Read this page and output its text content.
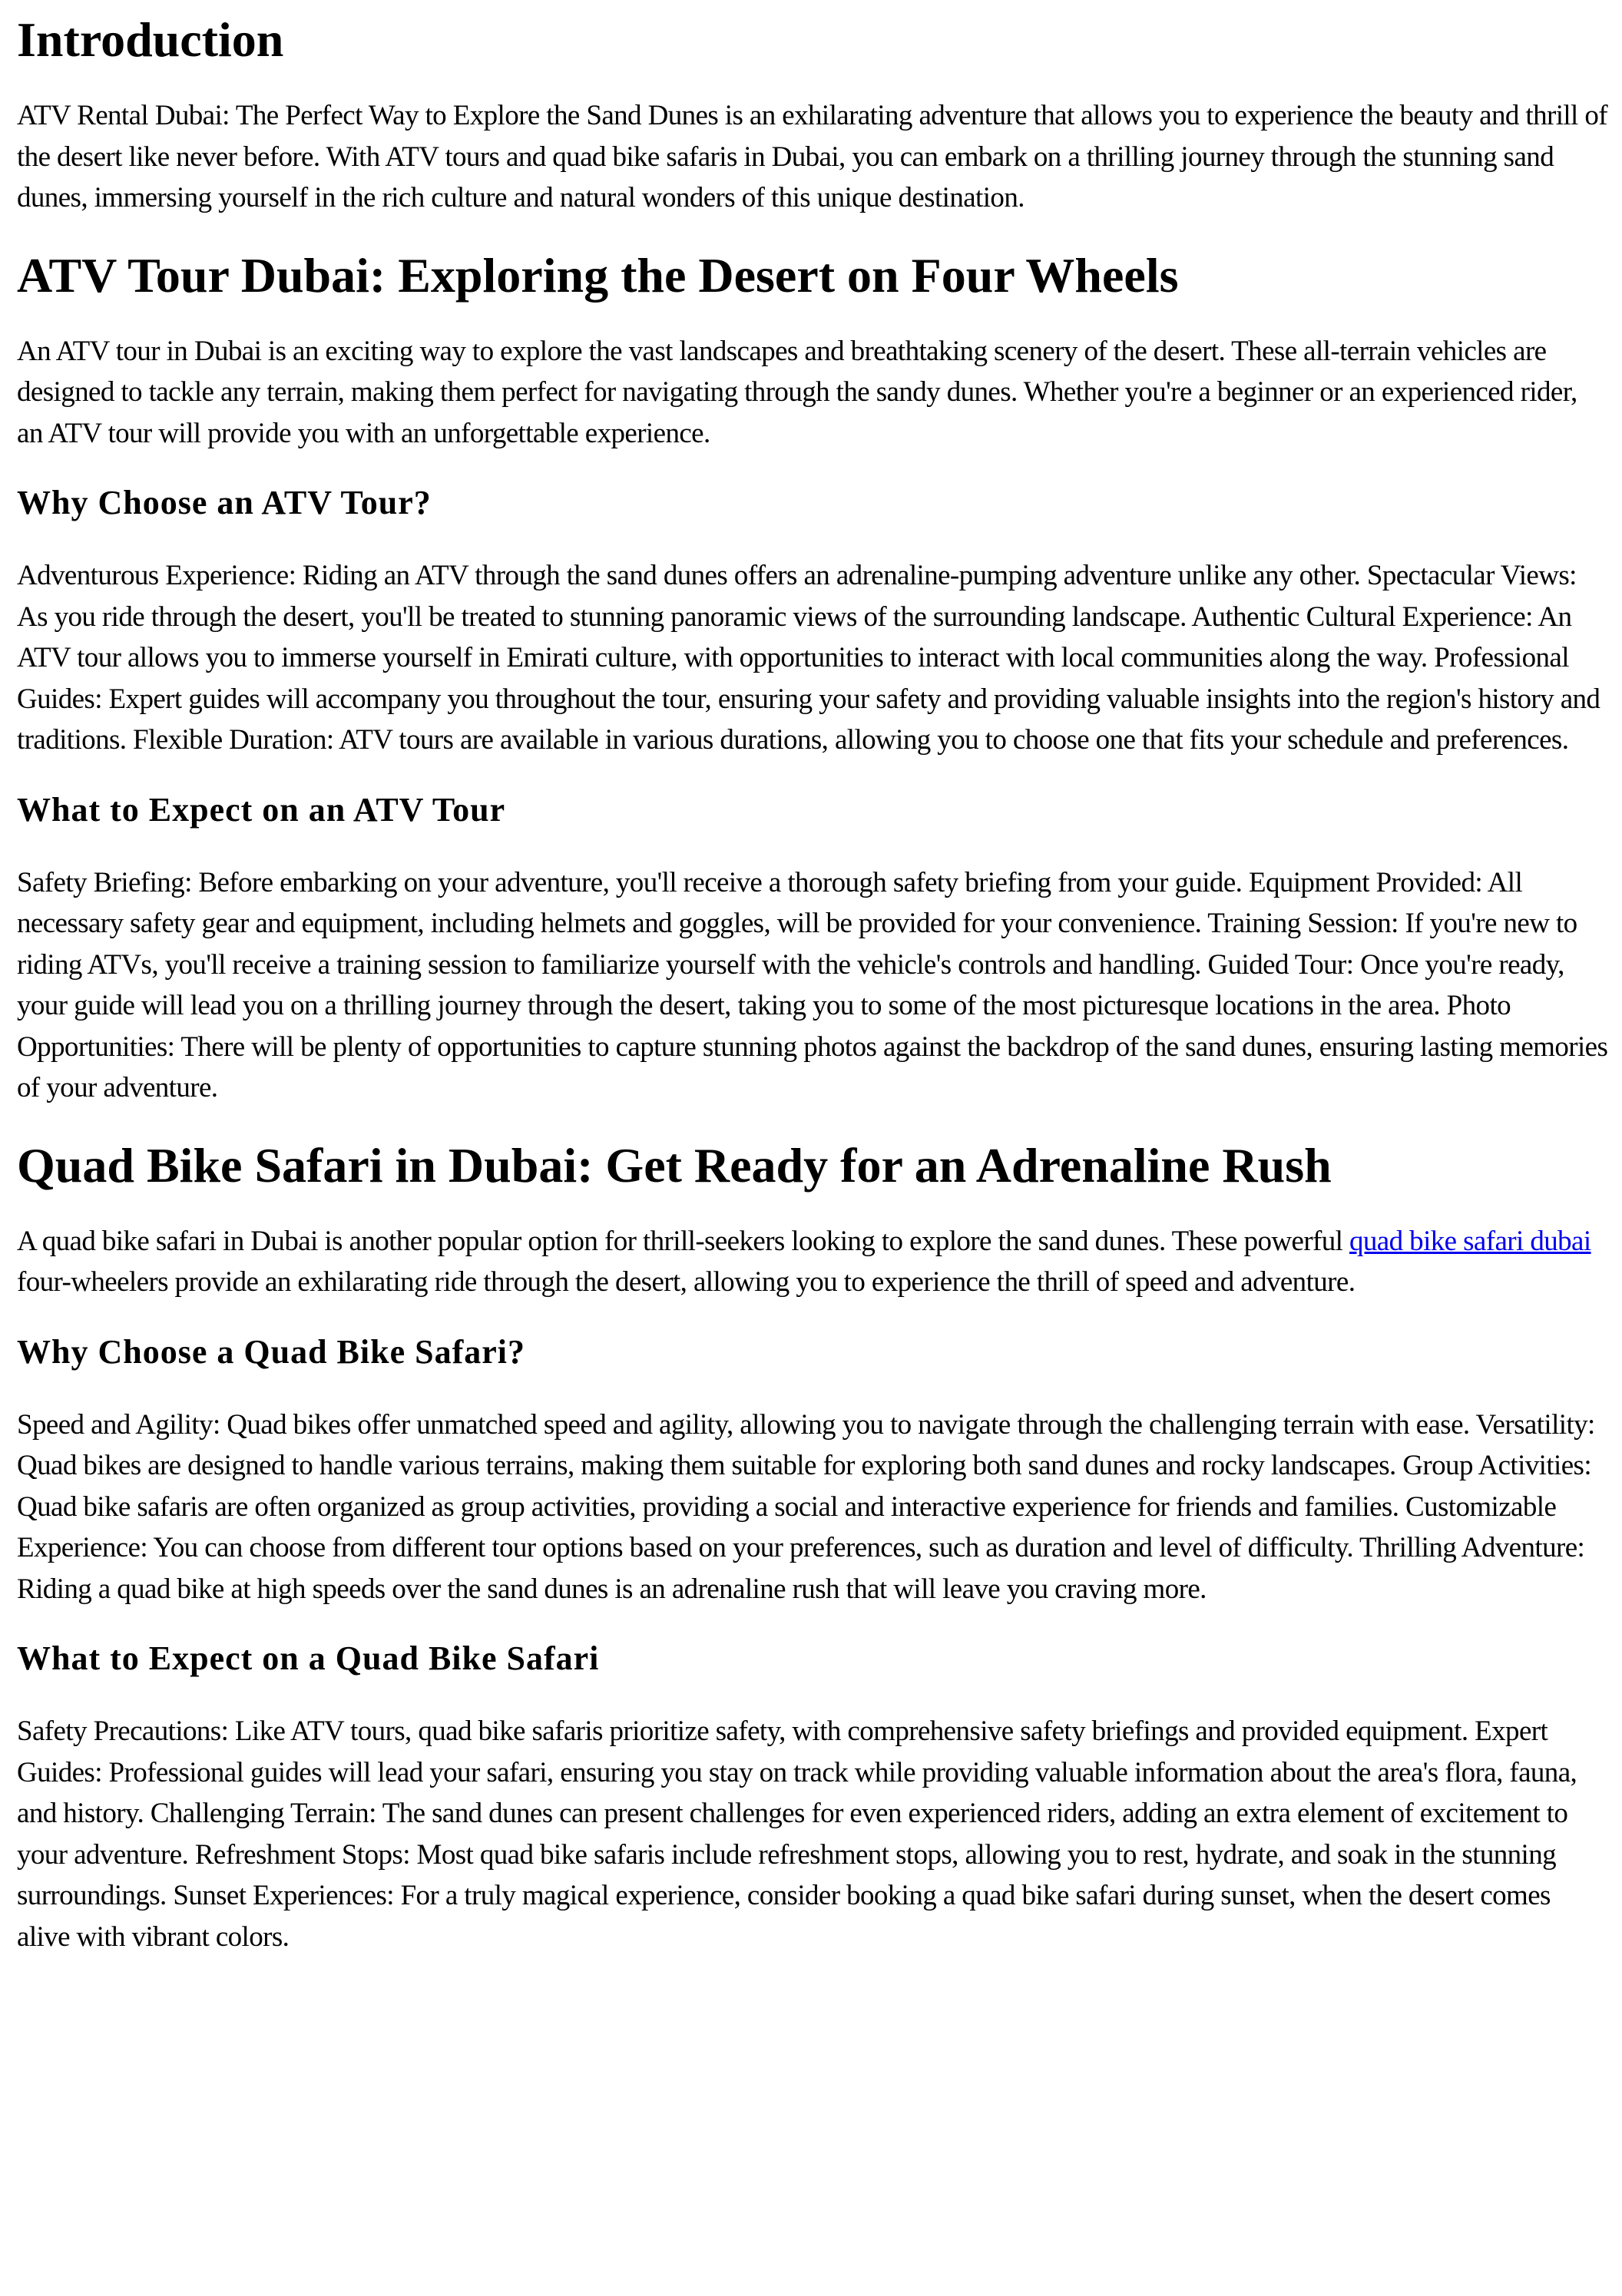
Introduction

ATV Rental Dubai: The Perfect Way to Explore the Sand Dunes is an exhilarating adventure that allows you to experience the beauty and thrill of the desert like never before. With ATV tours and quad bike safaris in Dubai, you can embark on a thrilling journey through the stunning sand dunes, immersing yourself in the rich culture and natural wonders of this unique destination.

ATV Tour Dubai: Exploring the Desert on Four Wheels

An ATV tour in Dubai is an exciting way to explore the vast landscapes and breathtaking scenery of the desert. These all-terrain vehicles are designed to tackle any terrain, making them perfect for navigating through the sandy dunes. Whether you're a beginner or an experienced rider, an ATV tour will provide you with an unforgettable experience.

Why Choose an ATV Tour?

Adventurous Experience: Riding an ATV through the sand dunes offers an adrenaline-pumping adventure unlike any other. Spectacular Views: As you ride through the desert, you'll be treated to stunning panoramic views of the surrounding landscape. Authentic Cultural Experience: An ATV tour allows you to immerse yourself in Emirati culture, with opportunities to interact with local communities along the way. Professional Guides: Expert guides will accompany you throughout the tour, ensuring your safety and providing valuable insights into the region's history and traditions. Flexible Duration: ATV tours are available in various durations, allowing you to choose one that fits your schedule and preferences.

What to Expect on an ATV Tour

Safety Briefing: Before embarking on your adventure, you'll receive a thorough safety briefing from your guide. Equipment Provided: All necessary safety gear and equipment, including helmets and goggles, will be provided for your convenience. Training Session: If you're new to riding ATVs, you'll receive a training session to familiarize yourself with the vehicle's controls and handling. Guided Tour: Once you're ready, your guide will lead you on a thrilling journey through the desert, taking you to some of the most picturesque locations in the area. Photo Opportunities: There will be plenty of opportunities to capture stunning photos against the backdrop of the sand dunes, ensuring lasting memories of your adventure.

Quad Bike Safari in Dubai: Get Ready for an Adrenaline Rush

A quad bike safari in Dubai is another popular option for thrill-seekers looking to explore the sand dunes. These powerful quad bike safari dubai four-wheelers provide an exhilarating ride through the desert, allowing you to experience the thrill of speed and adventure.

Why Choose a Quad Bike Safari?

Speed and Agility: Quad bikes offer unmatched speed and agility, allowing you to navigate through the challenging terrain with ease. Versatility: Quad bikes are designed to handle various terrains, making them suitable for exploring both sand dunes and rocky landscapes. Group Activities: Quad bike safaris are often organized as group activities, providing a social and interactive experience for friends and families. Customizable Experience: You can choose from different tour options based on your preferences, such as duration and level of difficulty. Thrilling Adventure: Riding a quad bike at high speeds over the sand dunes is an adrenaline rush that will leave you craving more.

What to Expect on a Quad Bike Safari

Safety Precautions: Like ATV tours, quad bike safaris prioritize safety, with comprehensive safety briefings and provided equipment. Expert Guides: Professional guides will lead your safari, ensuring you stay on track while providing valuable information about the area's flora, fauna, and history. Challenging Terrain: The sand dunes can present challenges for even experienced riders, adding an extra element of excitement to your adventure. Refreshment Stops: Most quad bike safaris include refreshment stops, allowing you to rest, hydrate, and soak in the stunning surroundings. Sunset Experiences: For a truly magical experience, consider booking a quad bike safari during sunset, when the desert comes alive with vibrant colors.
